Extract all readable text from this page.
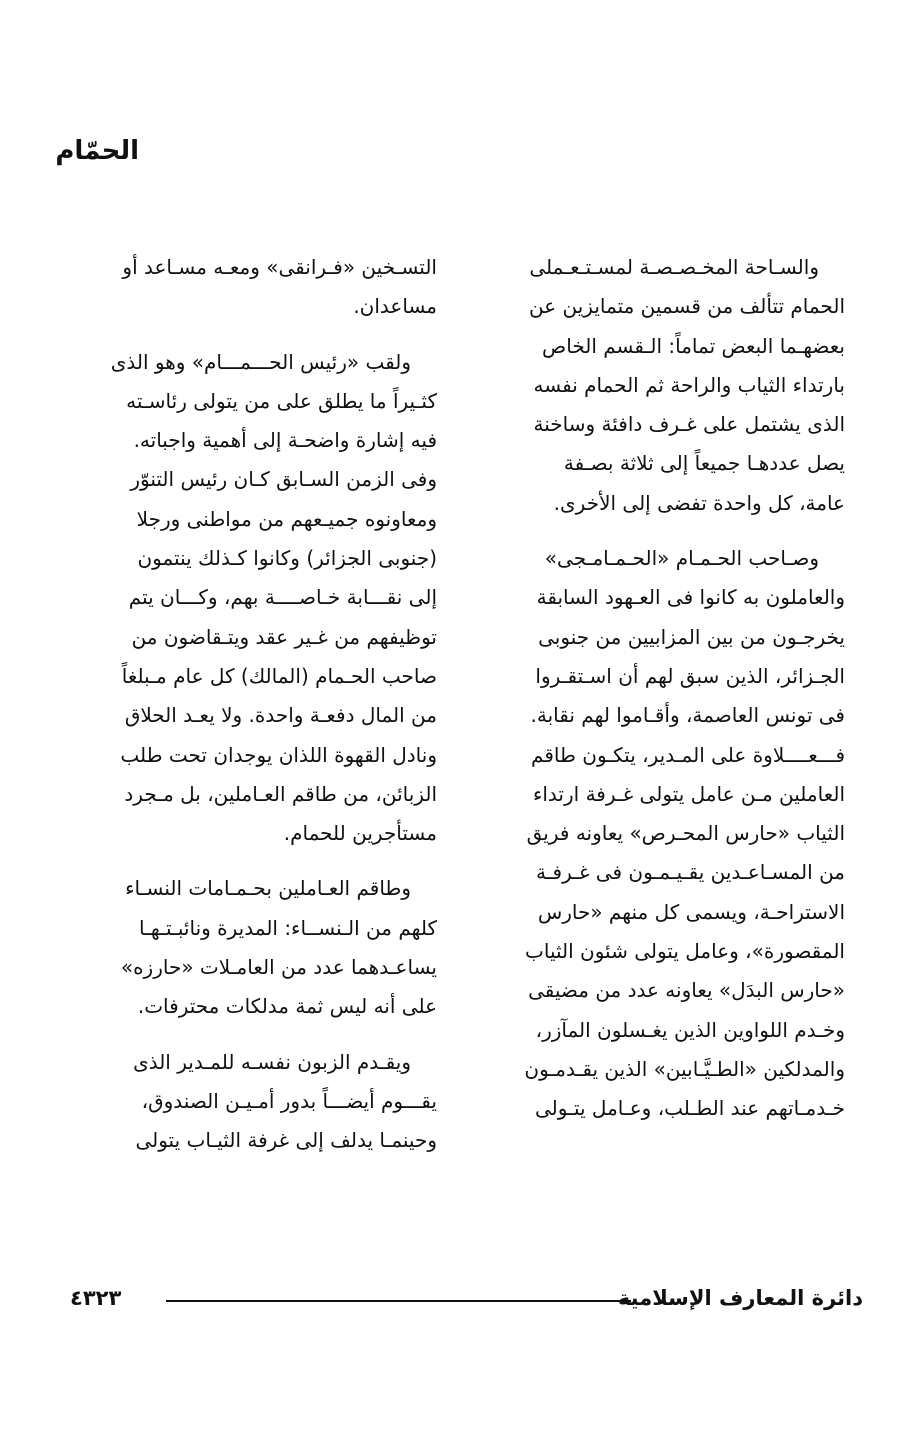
الحمّام
والسـاحة المخـصـصـة لمسـتـعـملى
الحمام تتألف من قسمين متمايزين عن
بعضهـما البعض تماماً: الـقسم الخاص
بارتداء الثياب والراحة ثم الحمام نفسه
الذى يشتمل على غـرف دافئة وساخنة
يصل عددهـا جميعاً إلى ثلاثة بصـفة
عامة، كل واحدة تفضى إلى الأخرى.
وصـاحب الحـمـام «الحـمـامـجى»
والعاملون به كانوا فى العـهود السابقة
يخرجـون من بين المزابيين من جنوبى
الجـزائر، الذين سبق لهم أن اسـتقـروا
فى تونس العاصمة، وأقـاموا لهم نقابة.
فـــعــــلاوة على المـدير، يتكـون طاقم
العاملين مـن عامل يتولى غـرفة ارتداء
الثياب «حارس المحـرص» يعاونه فريق
من المسـاعـدين يقـيـمـون فى غـرفـة
الاستراحـة، ويسمى كل منهم «حارس
المقصورة»، وعامل يتولى شئون الثياب
«حارس البدَل» يعاونه عدد من مضيقى
وخـدم اللواوين الذين يغـسلون المآزر،
والمدلكين «الطـيَّـابين» الذين يقـدمـون
خـدمـاتهم عند الطـلب، وعـامل يتـولى
التسـخين «فـرانقى» ومعـه مسـاعد أو
مساعدان.
ولقب «رئيس الحـــمـــام» وهو الذى
كثـيراً ما يطلق على من يتولى رئاسـته
فيه إشارة واضحـة إلى أهمية واجباته.
وفى الزمن السـابق كـان رئيس التنوّر
ومعاونوه جميـعهم من مواطنى ورجلا
(جنوبى الجزائر) وكانوا كـذلك ينتمون
إلى نقـــابة خـاصــــة بهم، وكـــان يتم
توظيفهم من غـير عقد ويتـقاضون من
صاحب الحـمام (المالك) كل عام مـبلغاً
من المال دفعـة واحدة. ولا يعـد الحلاق
ونادل القهوة اللذان يوجدان تحت طلب
الزبائن، من طاقم العـاملين، بل مـجرد
مستأجرين للحمام.
وطاقم العـاملين بحـمـامات النسـاء
كلهم من الـنســاء: المديرة ونائبـتـهـا
يساعـدهما عدد من العامـلات «حارزه»
على أنه ليس ثمة مدلكات محترفات.
ويقـدم الزبون نفسـه للمـدير الذى
يقـــوم أيضـــاً بدور أمـيـن الصندوق،
وحينمـا يدلف إلى غرفة الثيـاب يتولى
دائرة المعارف الإسلامية
٤٣٢٣
